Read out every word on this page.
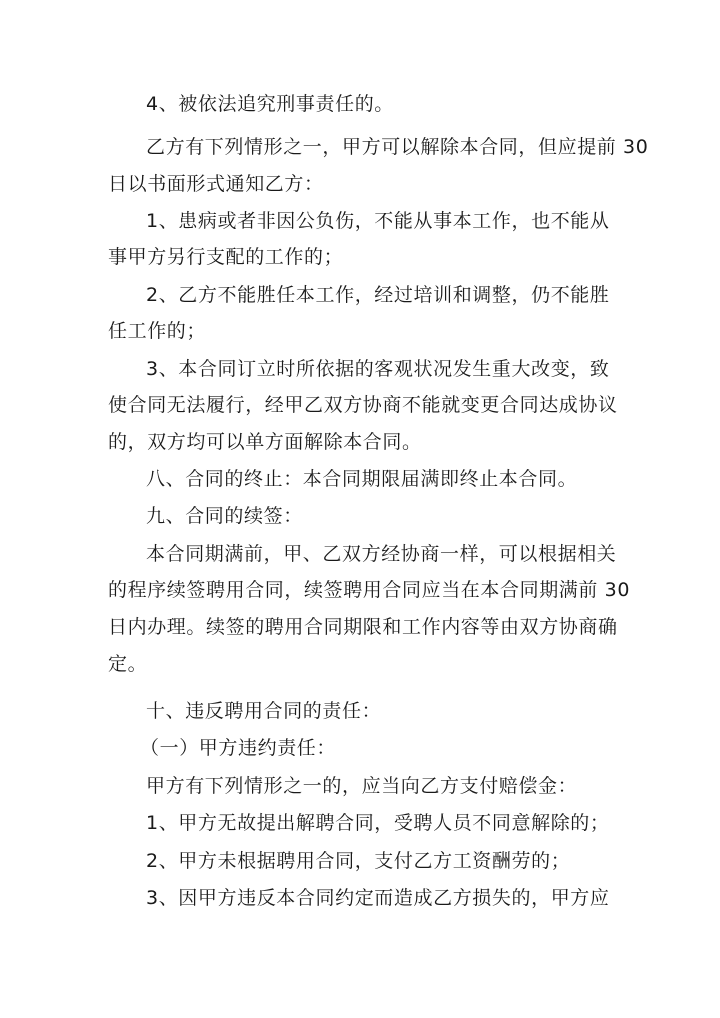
4、被依法追究刑事责任的。
乙方有下列情形之一，甲方可以解除本合同，但应提前 30
日以书面形式通知乙方：
1、患病或者非因公负伤，不能从事本工作，也不能从
事甲方另行支配的工作的；
2、乙方不能胜任本工作，经过培训和调整，仍不能胜
任工作的；
3、本合同订立时所依据的客观状况发生重大改变，致
使合同无法履行，经甲乙双方协商不能就变更合同达成协议
的，双方均可以单方面解除本合同。
八、合同的终止：本合同期限届满即终止本合同。
九、合同的续签：
本合同期满前，甲、乙双方经协商一样，可以根据相关
的程序续签聘用合同，续签聘用合同应当在本合同期满前 30
日内办理。续签的聘用合同期限和工作内容等由双方协商确
定。
十、违反聘用合同的责任：
（一）甲方违约责任：
甲方有下列情形之一的，应当向乙方支付赔偿金：
1、甲方无故提出解聘合同，受聘人员不同意解除的；
2、甲方未根据聘用合同，支付乙方工资酬劳的；
3、因甲方违反本合同约定而造成乙方损失的，甲方应
